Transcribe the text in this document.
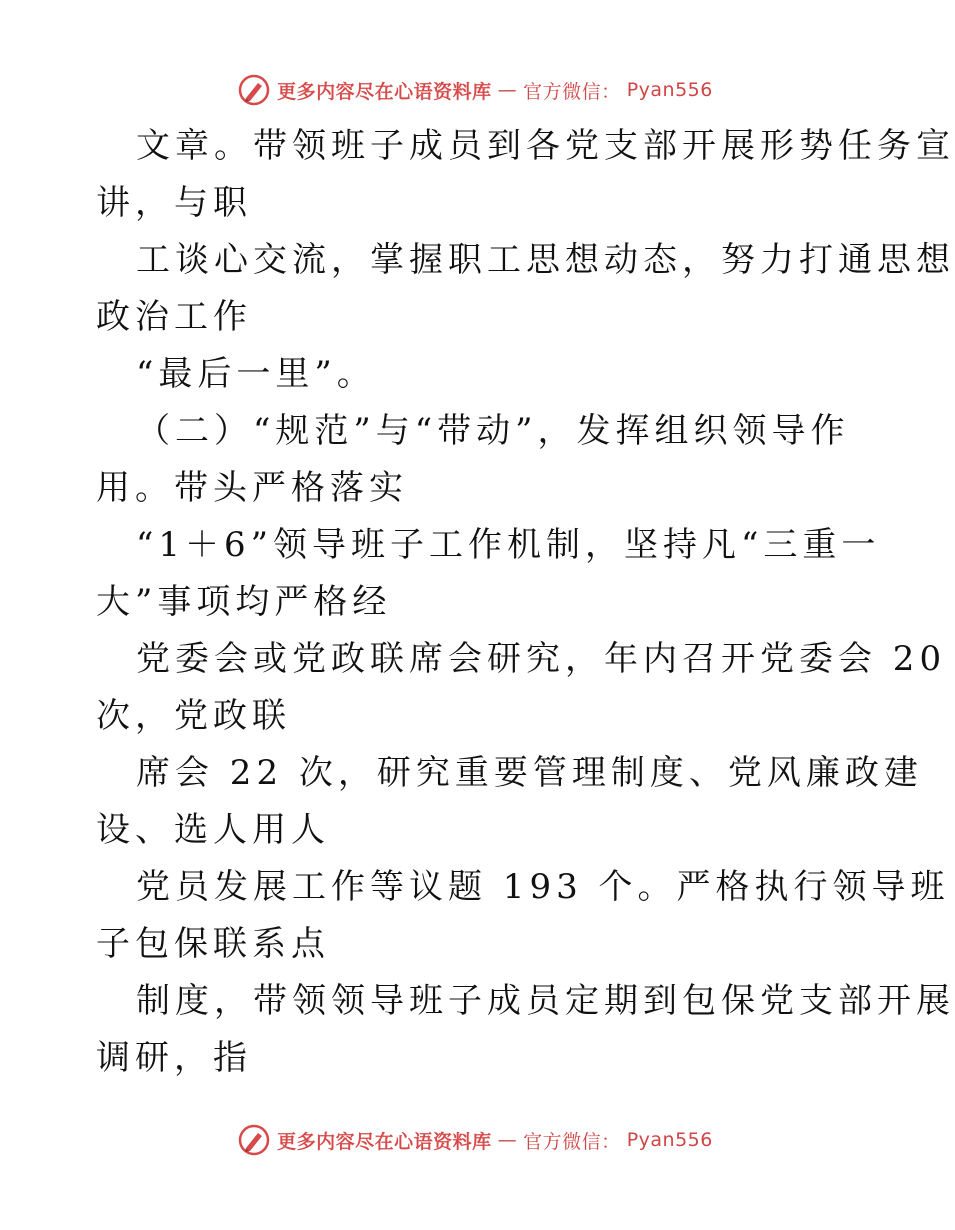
更多内容尽在心语资料库 — 官方微信： Pyan556
文章。带领班子成员到各党支部开展形势任务宣
讲，与职
工谈心交流，掌握职工思想动态，努力打通思想
政治工作
“最后一里”。
（二）“规范”与“带动”，发挥组织领导作
用。带头严格落实
“1＋6”领导班子工作机制，坚持凡“三重一
大”事项均严格经
党委会或党政联席会研究，年内召开党委会 20
次，党政联
席会 22 次，研究重要管理制度、党风廉政建
设、选人用人
党员发展工作等议题 193 个。严格执行领导班
子包保联系点
制度，带领领导班子成员定期到包保党支部开展
调研，指
更多内容尽在心语资料库 — 官方微信： Pyan556
